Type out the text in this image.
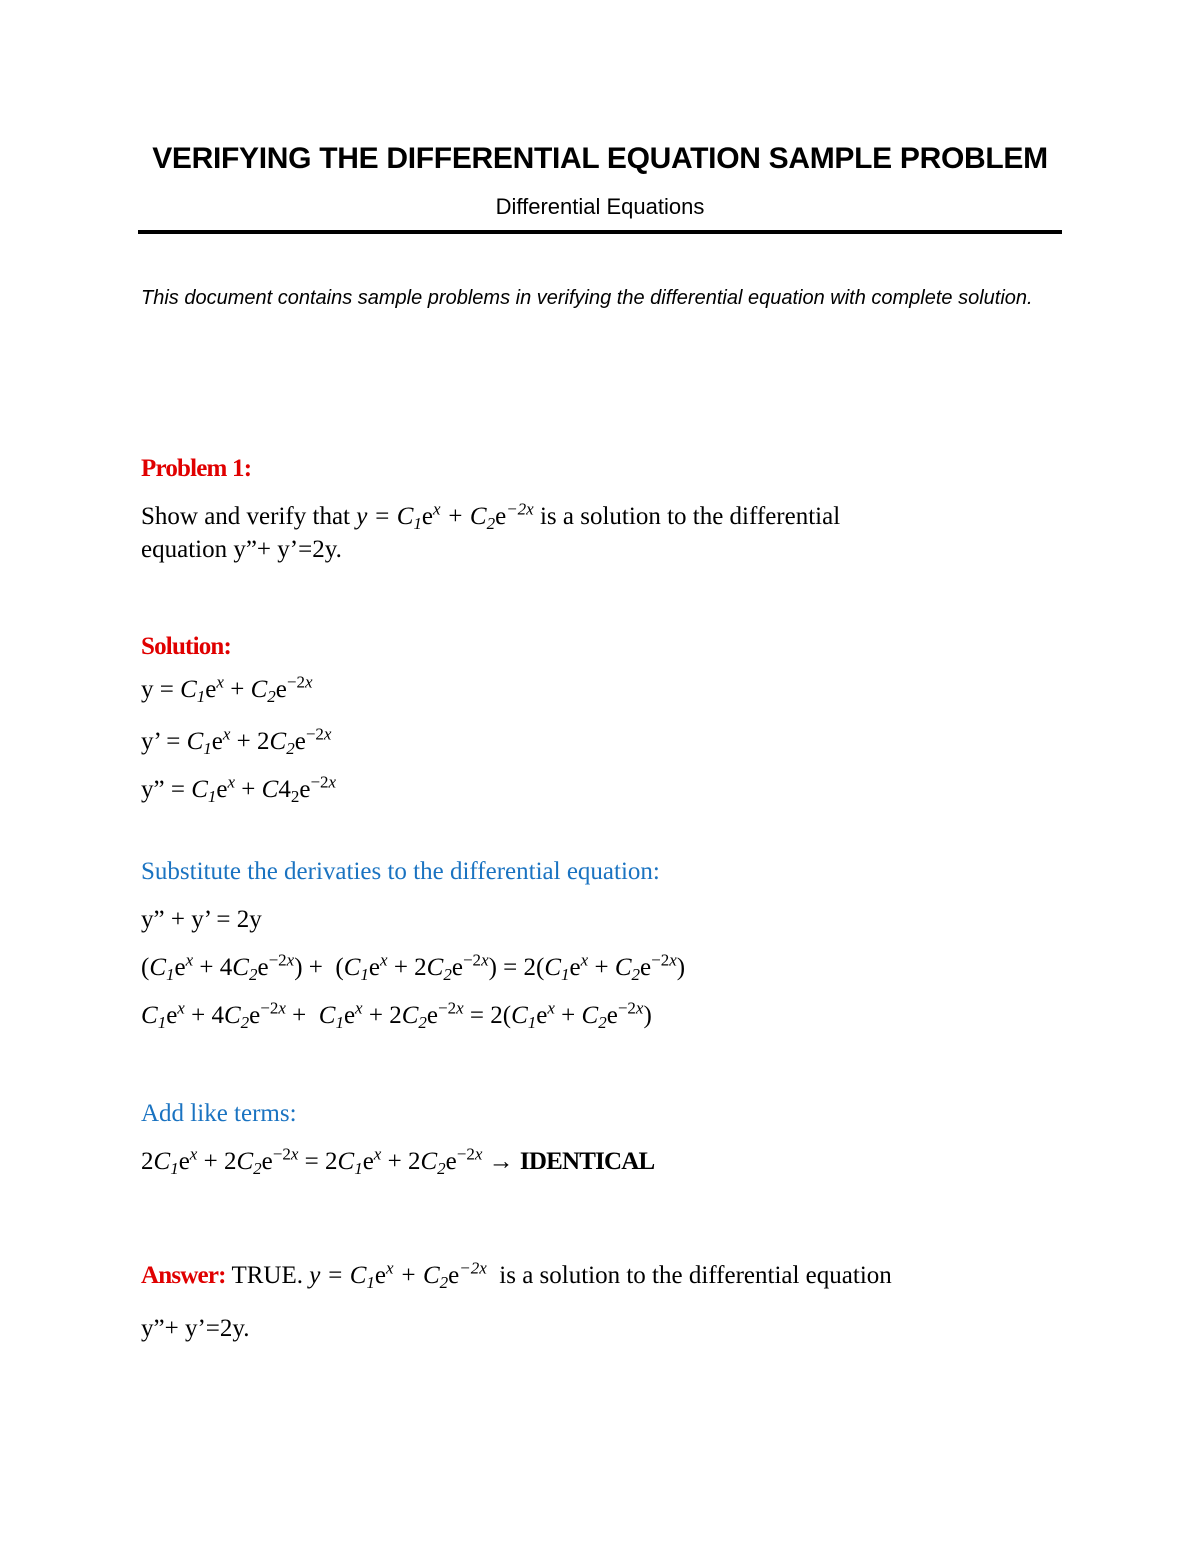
VERIFYING THE DIFFERENTIAL EQUATION SAMPLE PROBLEM
Differential Equations
This document contains sample problems in verifying the differential equation with complete solution.
Problem 1:
Show and verify that $y = C_1e^x + C_2e^{-2x}$ is a solution to the differential
equation y”+ y’=2y.
Solution:
$y = C_1e^x + C_2e^{-2x}$
y’ = $C_1e^x + 2C_2e^{-2x}$
y” = $C_1e^x + C4_2e^{-2x}$
Substitute the derivaties to the differential equation:
y” + y’ = 2y
$(C_1e^x + 4C_2e^{-2x}) + (C_1e^x + 2C_2e^{-2x}) = 2(C_1e^x + C_2e^{-2x})$
$C_1e^x + 4C_2e^{-2x} + C_1e^x + 2C_2e^{-2x} = 2(C_1e^x + C_2e^{-2x})$
Add like terms:
$2C_1e^x + 2C_2e^{-2x} = 2C_1e^x + 2C_2e^{-2x}$ → IDENTICAL
Answer: TRUE. $y = C_1e^x + C_2e^{-2x}$ is a solution to the differential equation
y”+ y’=2y.
